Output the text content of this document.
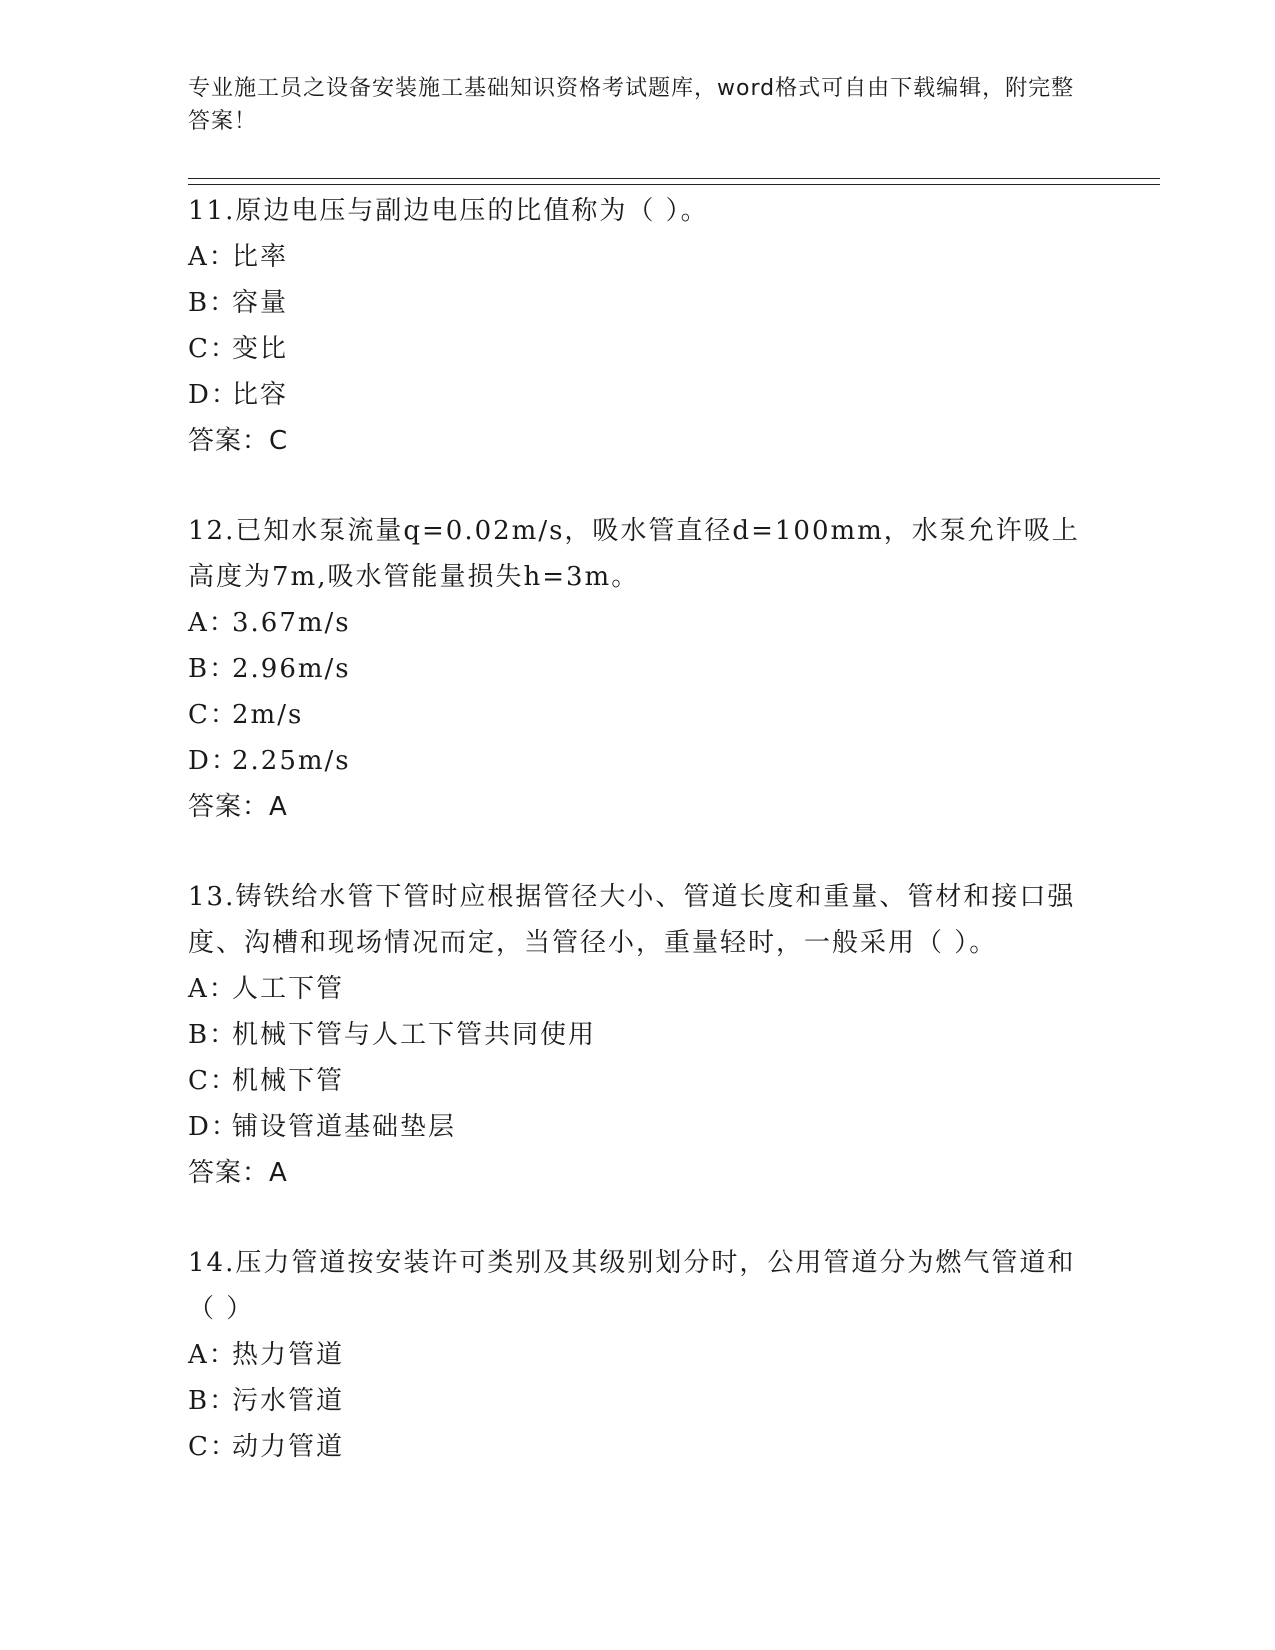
专业施工员之设备安装施工基础知识资格考试题库，word格式可自由下载编辑，附完整答案！

11.原边电压与副边电压的比值称为（ ）。

A：比率

B：容量

C：变比

D：比容

答案：C

12.已知水泵流量q=0.02m/s，吸水管直径d=100mm，水泵允许吸上高度为7m,吸水管能量损失h=3m。

A：3.67m/s

B：2.96m/s

C：2m/s

D：2.25m/s

答案：A

13.铸铁给水管下管时应根据管径大小、管道长度和重量、管材和接口强度、沟槽和现场情况而定，当管径小，重量轻时，一般采用（ ）。

A：人工下管

B：机械下管与人工下管共同使用

C：机械下管

D：铺设管道基础垫层

答案：A

14.压力管道按安装许可类别及其级别划分时，公用管道分为燃气管道和（ ）

A：热力管道

B：污水管道

C：动力管道
